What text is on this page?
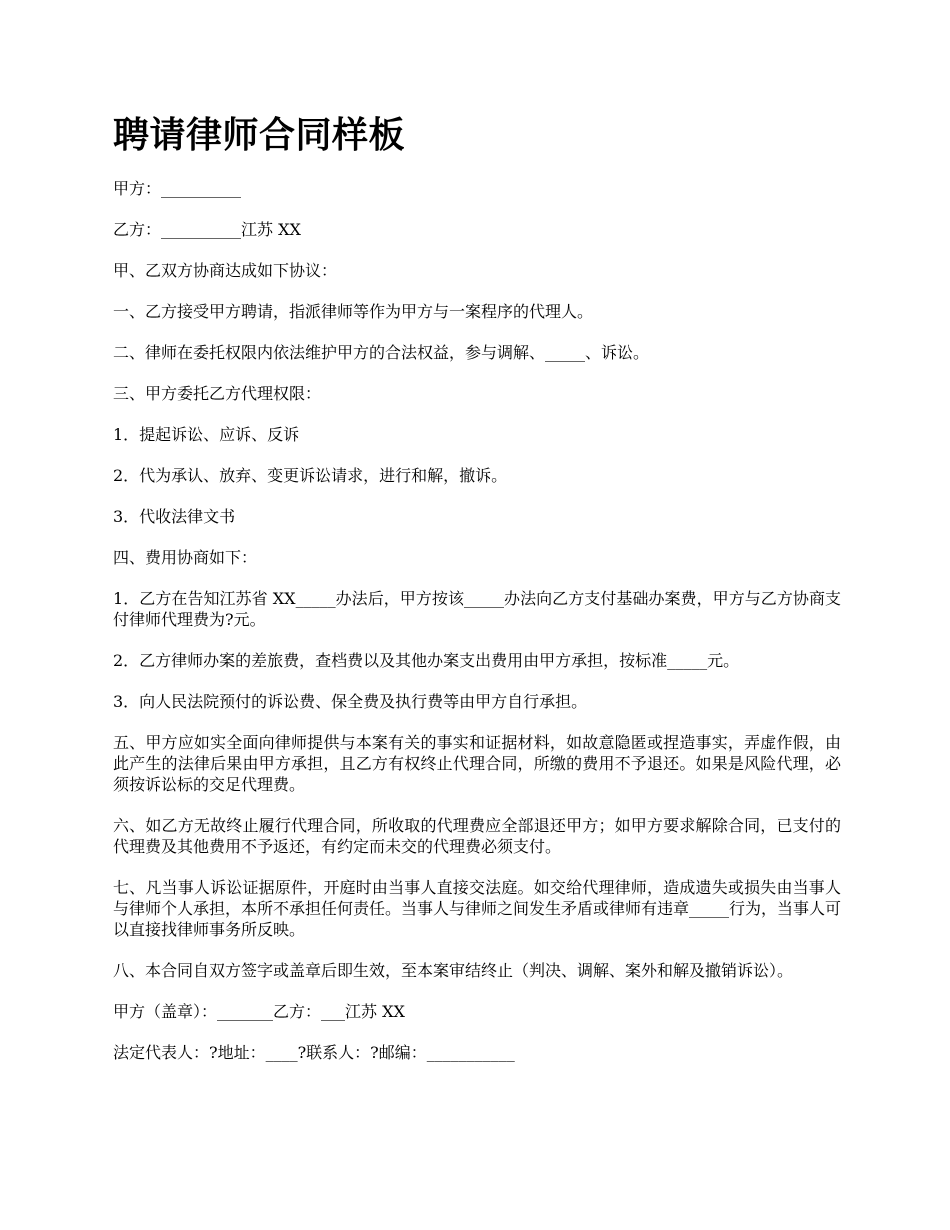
聘请律师合同样板

甲方：__________

乙方：__________江苏 XX

甲、乙双方协商达成如下协议：

一、乙方接受甲方聘请，指派律师等作为甲方与一案程序的代理人。

二、律师在委托权限内依法维护甲方的合法权益，参与调解、_____、诉讼。

三、甲方委托乙方代理权限：

1．提起诉讼、应诉、反诉

2．代为承认、放弃、变更诉讼请求，进行和解，撤诉。

3．代收法律文书

四、费用协商如下：

1．乙方在告知江苏省 XX_____办法后，甲方按该_____办法向乙方支付基础办案费，甲方与乙方协商支付律师代理费为?元。

2．乙方律师办案的差旅费，查档费以及其他办案支出费用由甲方承担，按标准_____元。

3．向人民法院预付的诉讼费、保全费及执行费等由甲方自行承担。

五、甲方应如实全面向律师提供与本案有关的事实和证据材料，如故意隐匿或捏造事实，弄虚作假，由此产生的法律后果由甲方承担，且乙方有权终止代理合同，所缴的费用不予退还。如果是风险代理，必须按诉讼标的交足代理费。

六、如乙方无故终止履行代理合同，所收取的代理费应全部退还甲方；如甲方要求解除合同，已支付的代理费及其他费用不予返还，有约定而未交的代理费必须支付。

七、凡当事人诉讼证据原件，开庭时由当事人直接交法庭。如交给代理律师，造成遗失或损失由当事人与律师个人承担，本所不承担任何责任。当事人与律师之间发生矛盾或律师有违章_____行为，当事人可以直接找律师事务所反映。

八、本合同自双方签字或盖章后即生效，至本案审结终止（判决、调解、案外和解及撤销诉讼）。

甲方（盖章）：_______乙方：___江苏 XX

法定代表人：?地址：____?联系人：?邮编：___________
